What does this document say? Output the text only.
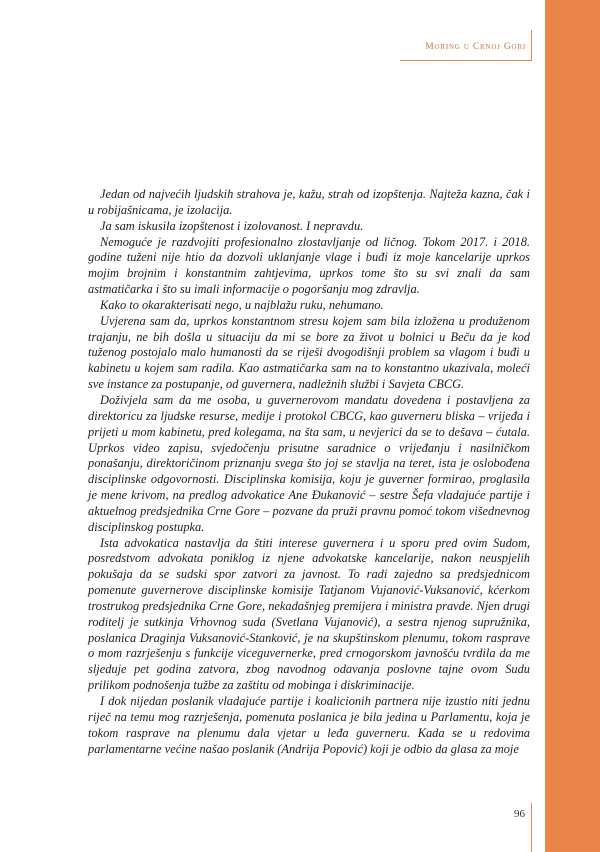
Moring u Crnoj Gori

Jedan od najvećih ljudskih strahova je, kažu, strah od izopštenja. Najteža kazna, čak i u robijašnicama, je izolacija.

Ja sam iskusila izopštenost i izolovanost. I nepravdu.

Nemoguće je razdvojiti profesionalno zlostavljanje od ličnog. Tokom 2017. i 2018. godine tuženi nije htio da dozvoli uklanjanje vlage i buđi iz moje kancelarije uprkos mojim brojnim i konstantnim zahtjevima, uprkos tome što su svi znali da sam astmatičarka i što su imali informacije o pogoršanju mog zdravlja.

Kako to okarakterisati nego, u najblažu ruku, nehumano.

Uvjerena sam da, uprkos konstantnom stresu kojem sam bila izložena u produženom trajanju, ne bih došla u situaciju da mi se bore za život u bolnici u Beču da je kod tuženog postojalo malo humanosti da se riješi dvogodišnji problem sa vlagom i buđi u kabinetu u kojem sam radila. Kao astmatičarka sam na to konstantno ukazivala, moleći sve instance za postupanje, od guvernera, nadležnih službi i Savjeta CBCG.

Doživjela sam da me osoba, u guvernerovom mandatu dovedena i postavljena za direktoricu za ljudske resurse, medije i protokol CBCG, kao guverneru bliska – vrijeđa i prijeti u mom kabinetu, pred kolegama, na šta sam, u nevjerici da se to dešava – ćutala. Uprkos video zapisu, svjedočenju prisutne saradnice o vrijeđanju i nasilničkom ponašanju, direktoričinom priznanju svega što joj se stavlja na teret, ista je oslobođena disciplinske odgovornosti. Disciplinska komisija, koju je guverner formirao, proglasila je mene krivom, na predlog advokatice Ane Đukanović – sestre Šefa vladajuće partije i aktuelnog predsjednika Crne Gore – pozvane da pruži pravnu pomoć tokom višednevnog disciplinskog postupka.

Ista advokatica nastavlja da štiti interese guvernera i u sporu pred ovim Sudom, posredstvom advokata poniklog iz njene advokatske kancelarije, nakon neuspjelih pokušaja da se sudski spor zatvori za javnost. To radi zajedno sa predsjednicom pomenute guvernerove disciplinske komisije Tatjanom Vujanović-Vuksanović, kćerkom trostrukog predsjednika Crne Gore, nekadašnjeg premijera i ministra pravde. Njen drugi roditelj je sutkinja Vrhovnog suda (Svetlana Vujanović), a sestra njenog supružnika, poslanica Draginja Vuksanović-Stanković, je na skupštinskom plenumu, tokom rasprave o mom razrješenju s funkcije viceguvernerke, pred crnogorskom javnošću tvrdila da me sljeduje pet godina zatvora, zbog navodnog odavanja poslovne tajne ovom Sudu prilikom podnošenja tužbe za zaštitu od mobinga i diskriminacije.

I dok nijedan poslanik vladajuće partije i koalicionih partnera nije izustio niti jednu riječ na temu mog razrješenja, pomenuta poslanica je bila jedina u Parlamentu, koja je tokom rasprave na plenumu dala vjetar u leđa guverneru. Kada se u redovima parlamentarne većine našao poslanik (Andrija Popović) koji je odbio da glasa za moje

96
